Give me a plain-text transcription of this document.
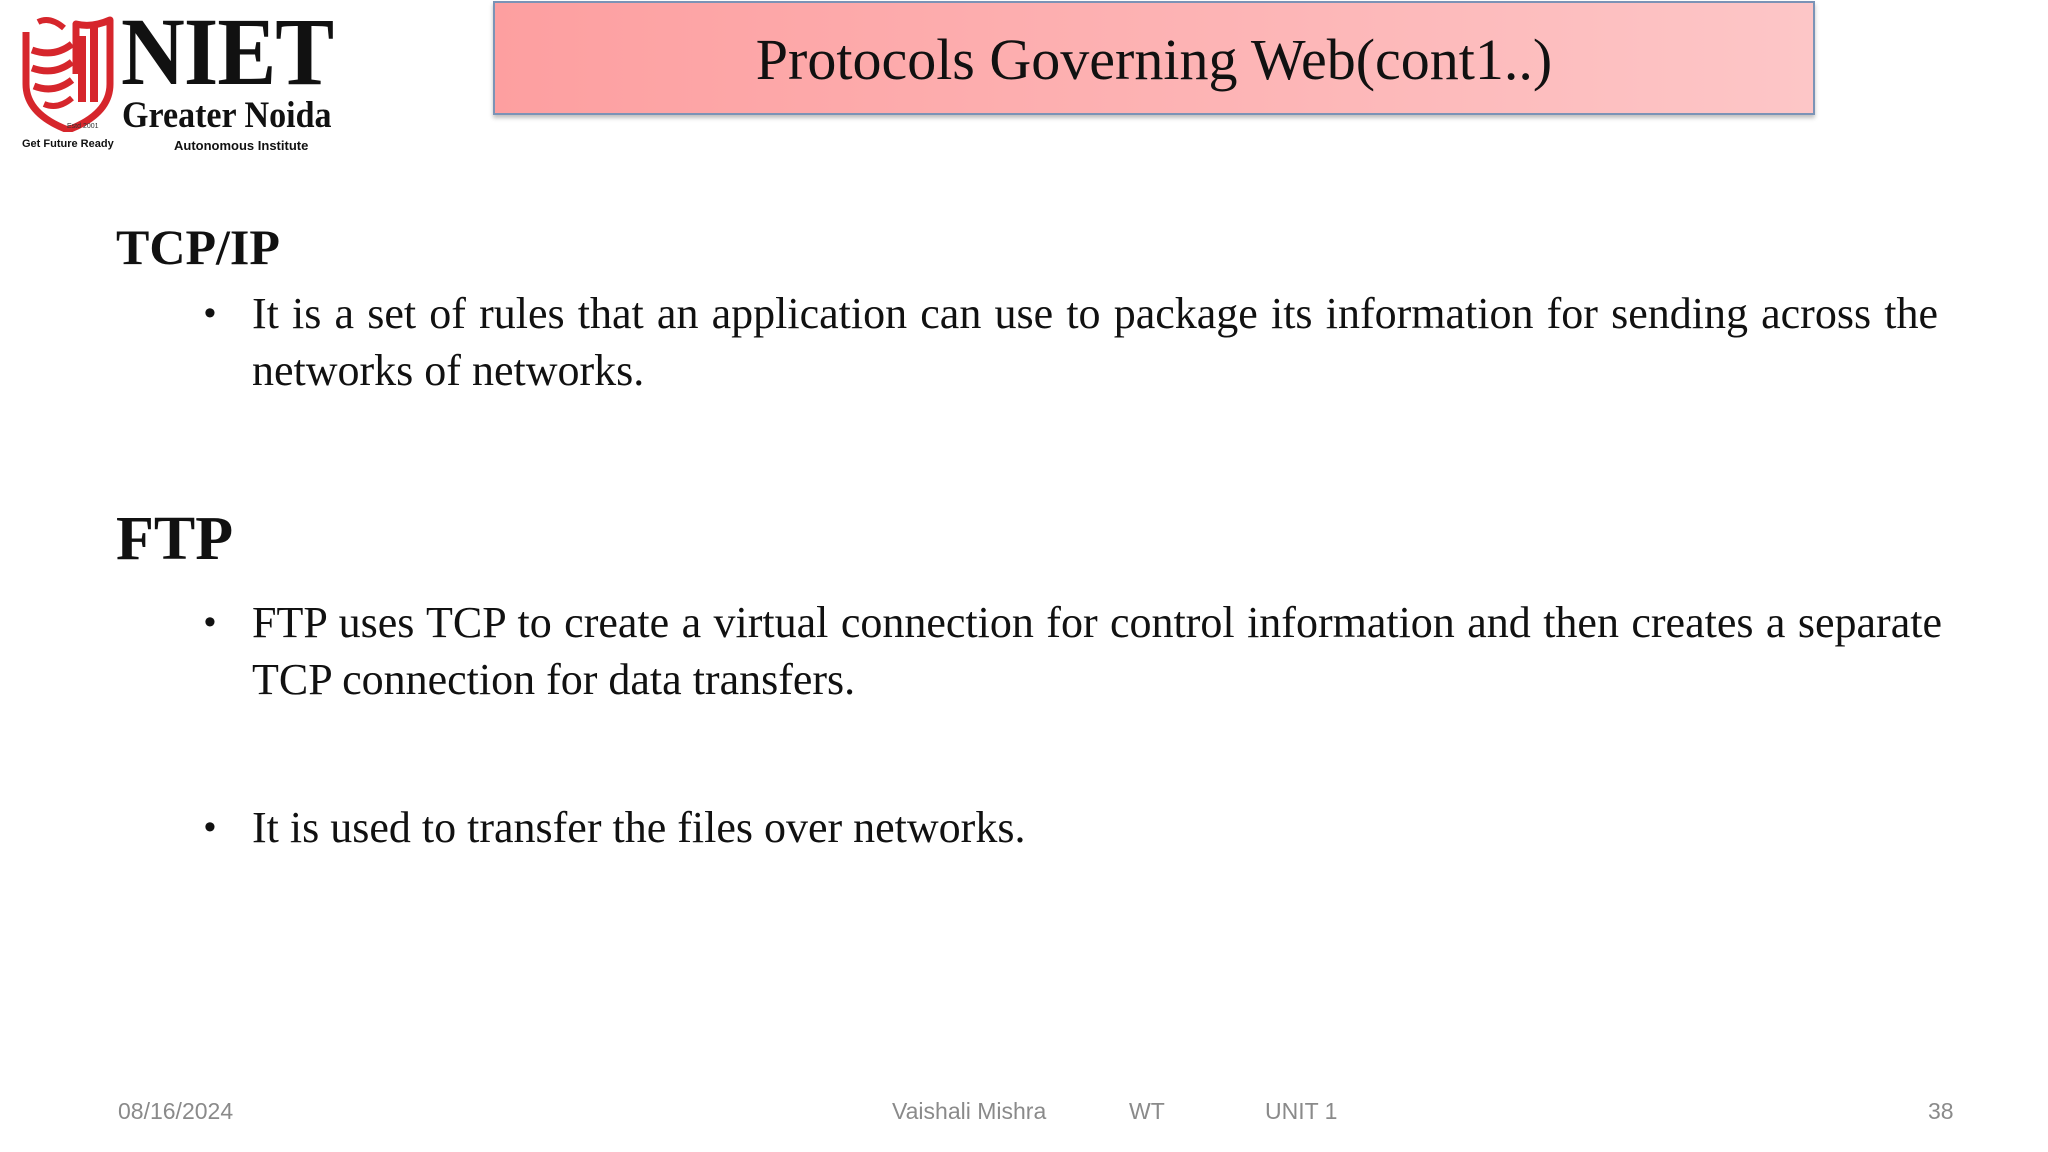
Estd 2001
NIET
Greater Noida
Get Future Ready	Autonomous Institute
Protocols Governing Web(cont1..)
TCP/IP
• It is a set of rules that an application can use to package its information for sending across the networks of networks.
FTP
• FTP uses TCP to create a virtual connection for control information and then creates a separate TCP connection for data transfers.
• It is used to transfer the files over networks.
08/16/2024	Vaishali Mishra	WT	UNIT 1	38
